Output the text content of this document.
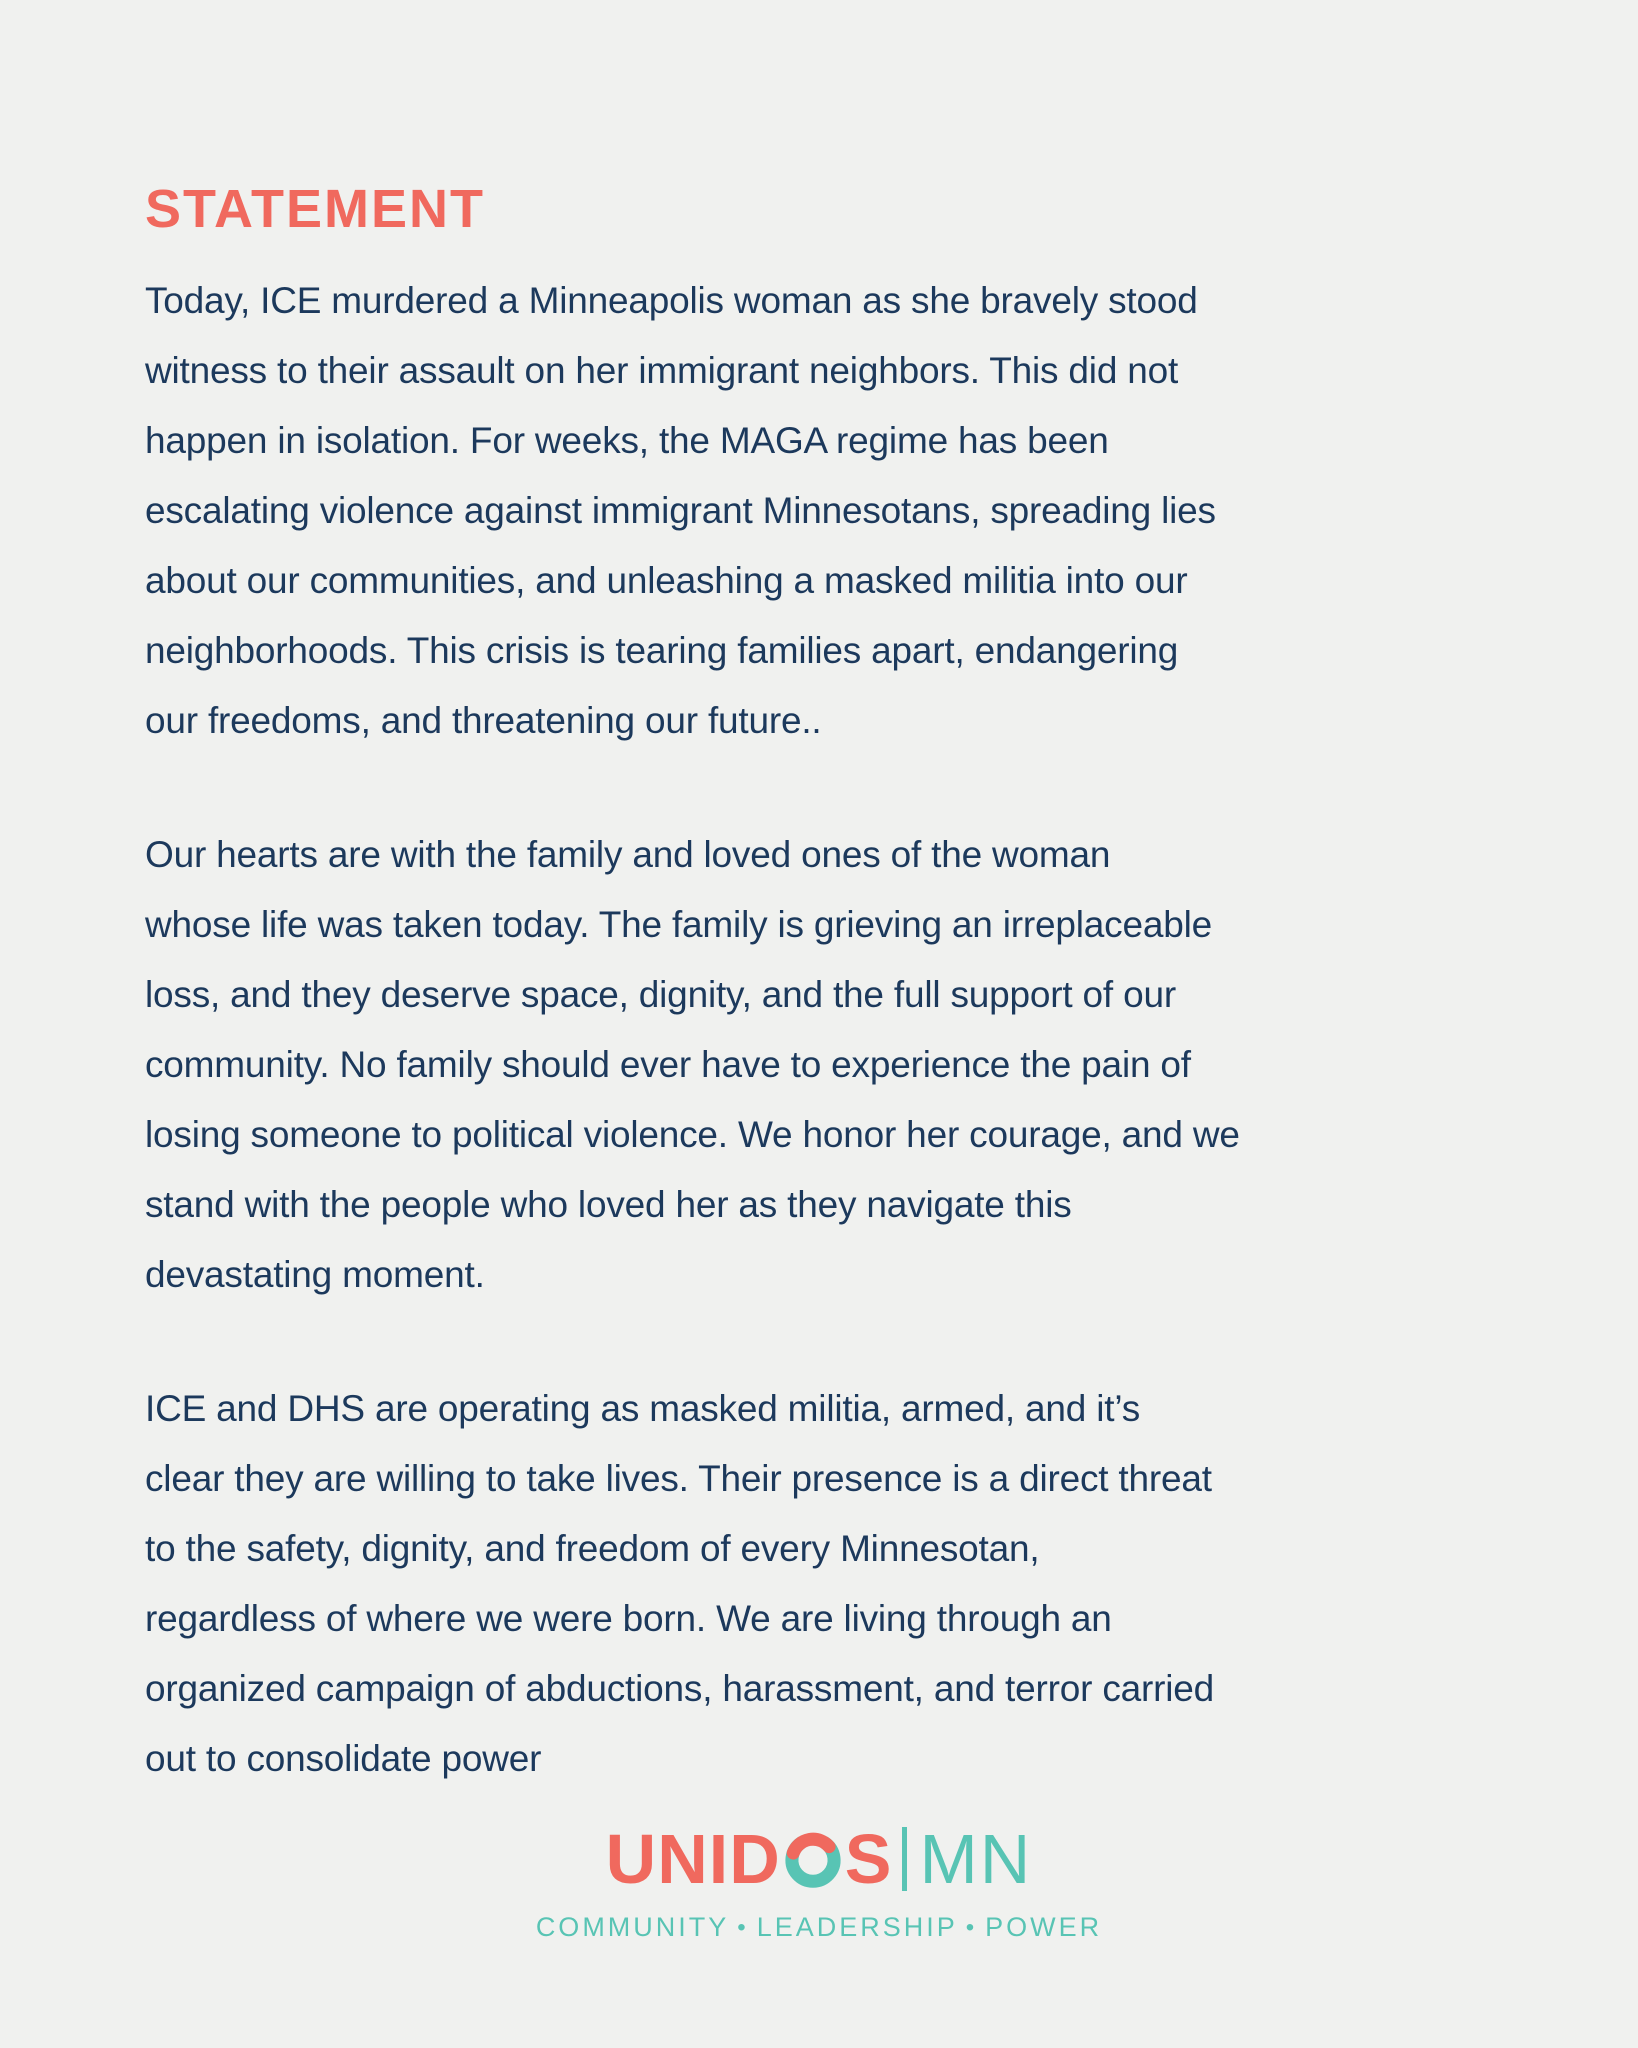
STATEMENT
Today, ICE murdered a Minneapolis woman as she bravely stood
witness to their assault on her immigrant neighbors. This did not
happen in isolation. For weeks, the MAGA regime has been
escalating violence against immigrant Minnesotans, spreading lies
about our communities, and unleashing a masked militia into our
neighborhoods. This crisis is tearing families apart, endangering
our freedoms, and threatening our future..
Our hearts are with the family and loved ones of the woman
whose life was taken today. The family is grieving an irreplaceable
loss, and they deserve space, dignity, and the full support of our
community. No family should ever have to experience the pain of
losing someone to political violence. We honor her courage, and we
stand with the people who loved her as they navigate this
devastating moment.
ICE and DHS are operating as masked militia, armed, and it’s
clear they are willing to take lives. Their presence is a direct threat
to the safety, dignity, and freedom of every Minnesotan,
regardless of where we were born. We are living through an
organized campaign of abductions, harassment, and terror carried
out to consolidate power
UNID S MN
COMMUNITY • LEADERSHIP • POWER
